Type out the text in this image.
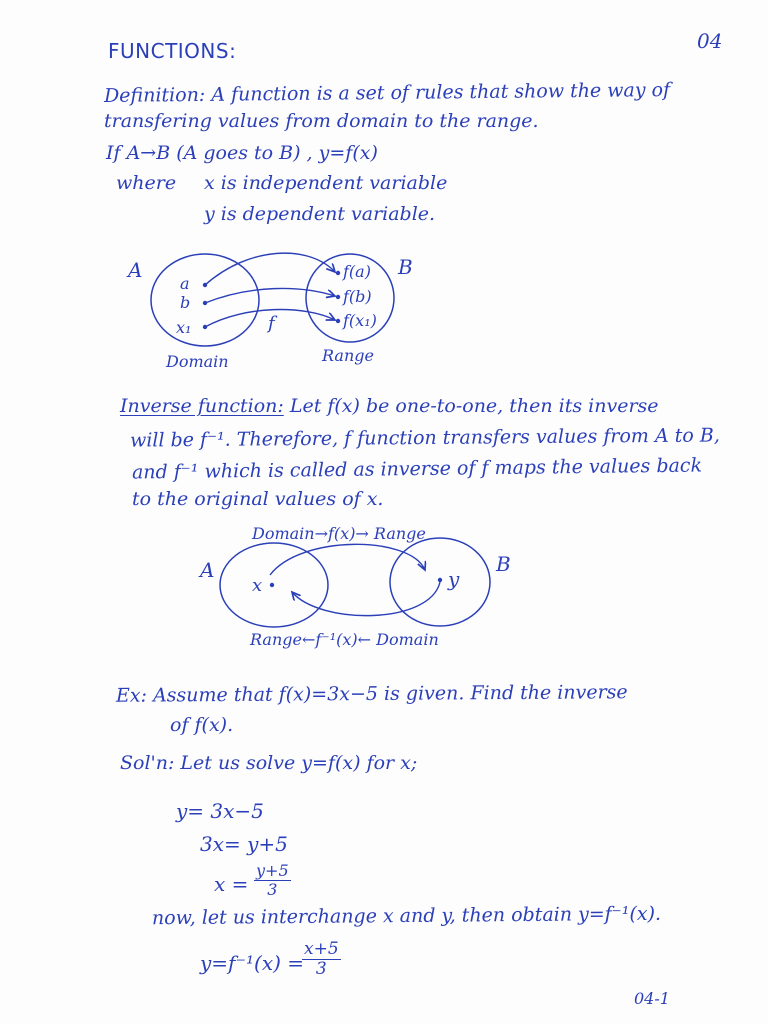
FUNCTIONS:	04
Definition: A function is a set of rules that show the way of
transfering values from domain to the range.
If A→B (A goes to B) , y=f(x)
where x is independent variable
y is dependent variable.
A	B
a
b
x₁
f(a)
f(b)
f(x₁)
f
Domain	Range
Inverse function: Let f(x) be one-to-one, then its inverse
will be f⁻¹. Therefore, f function transfers values from A to B,
and f⁻¹ which is called as inverse of f maps the values back
to the original values of x.
A	B
x	y
Domain→f(x)→ Range
Range←f⁻¹(x)← Domain
Ex: Assume that f(x)=3x−5 is given. Find the inverse
of f(x).
Sol'n: Let us solve y=f(x) for x;
y= 3x−5
3x= y+5
$x = \frac{y+5}{3}$
now, let us interchange x and y, then obtain y=f⁻¹(x).
y=f⁻¹(x) =
$\frac{x+5}{3}$
04-1
